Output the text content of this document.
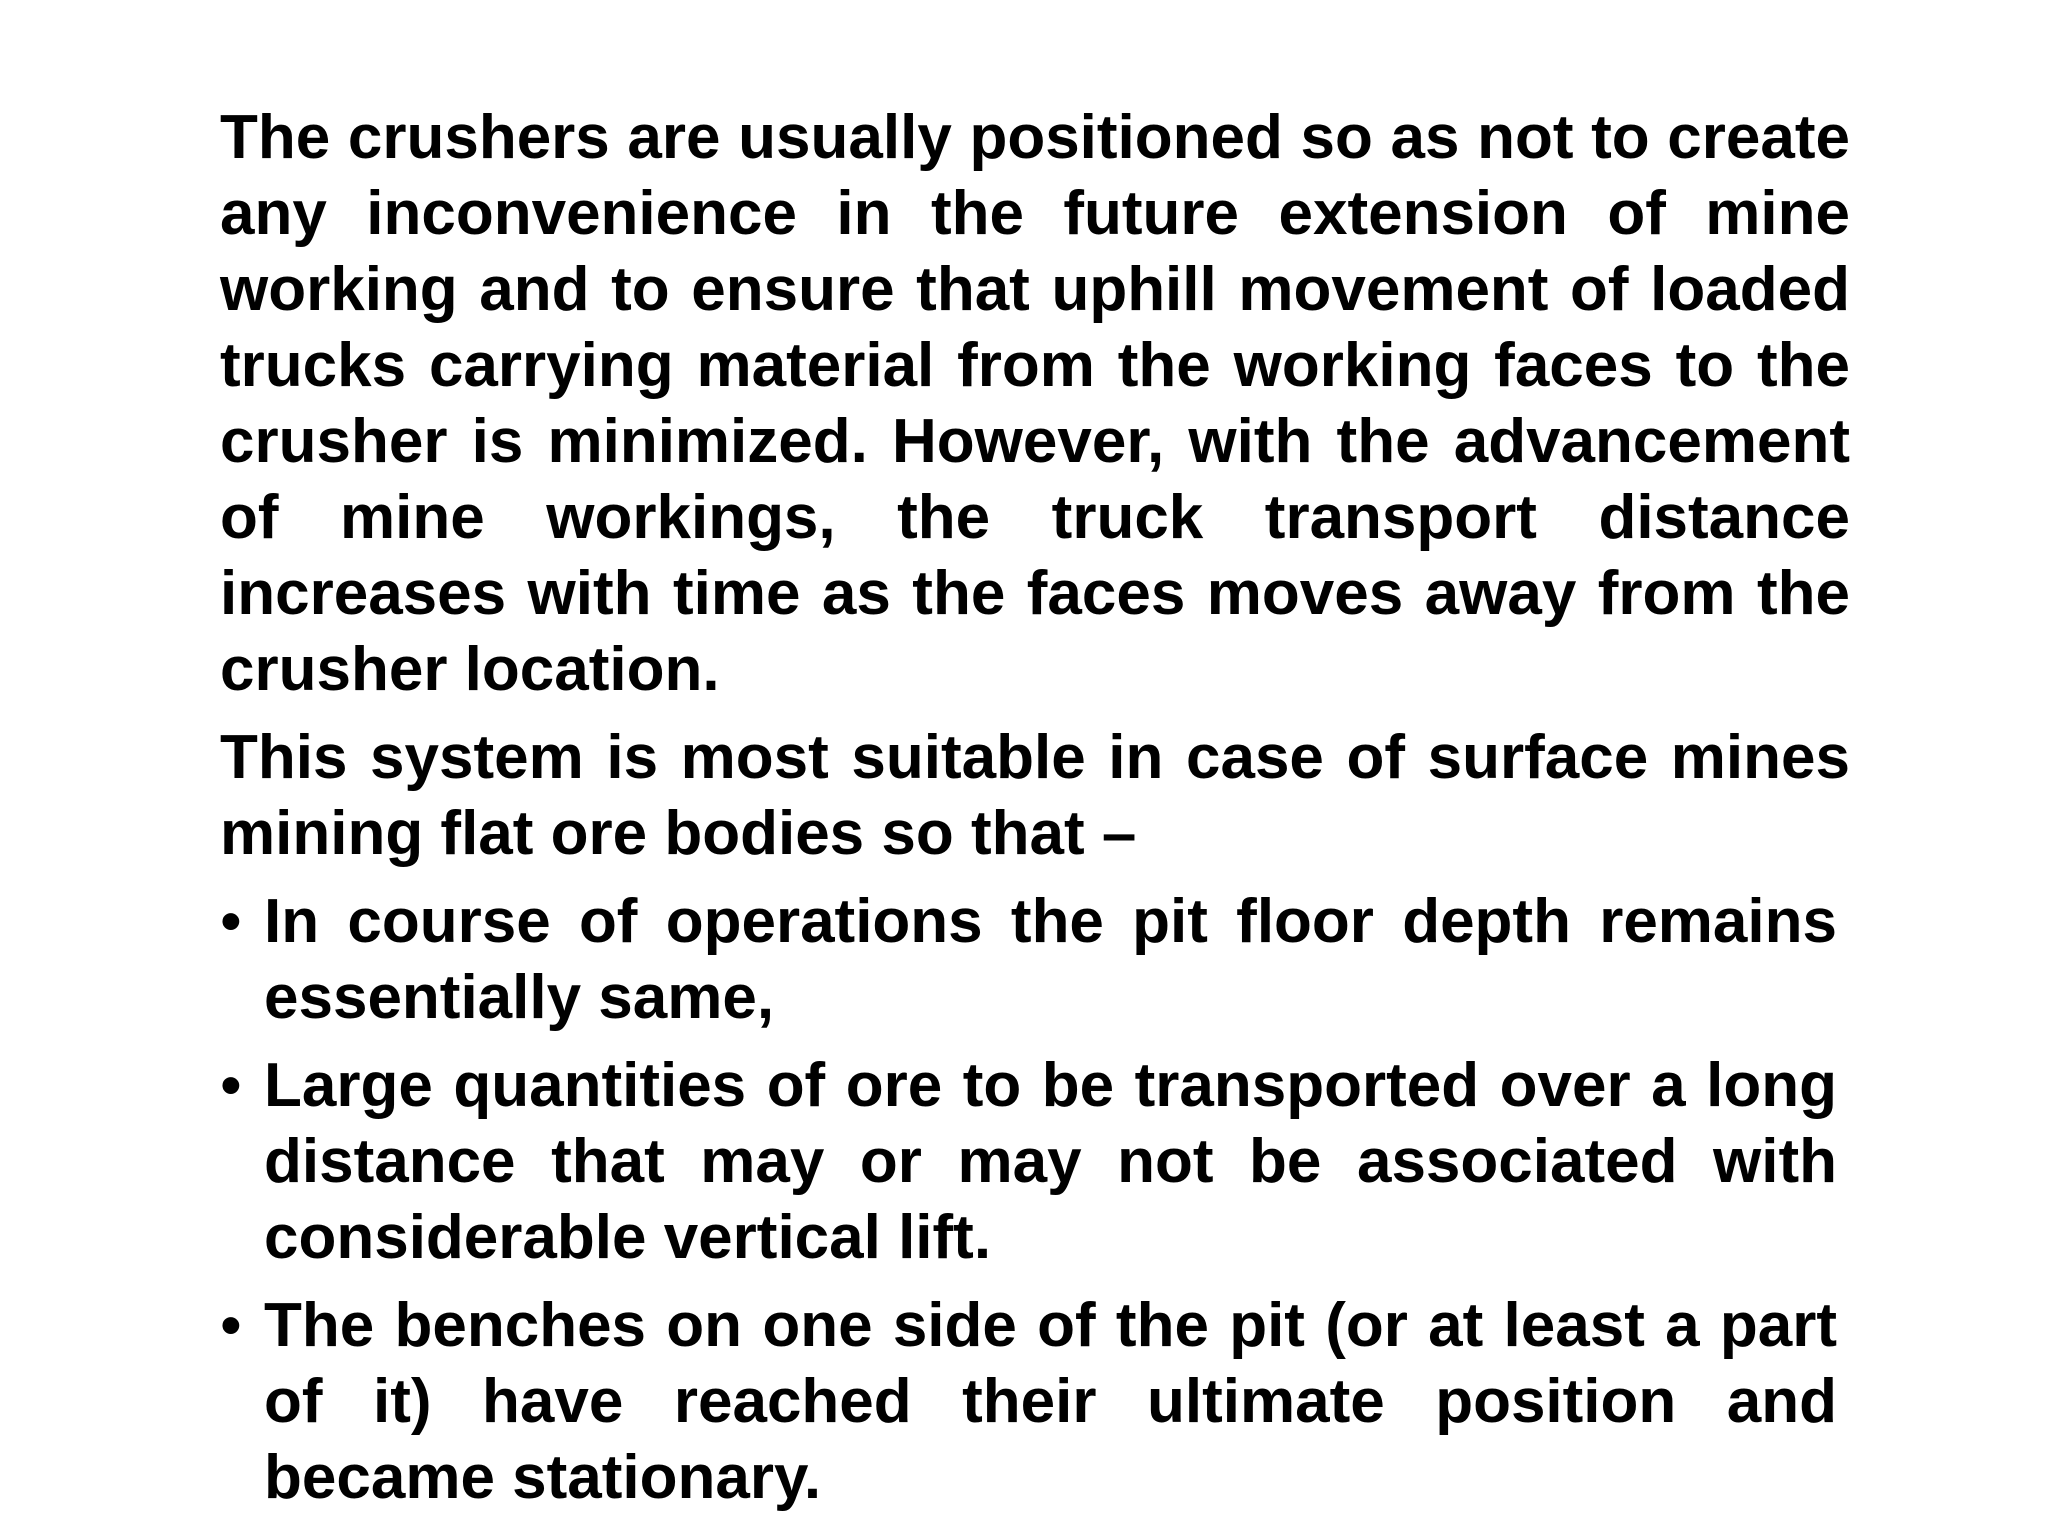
The crushers are usually positioned so as not to create any inconvenience in the future extension of mine working and to ensure that uphill movement of loaded trucks carrying material from the working faces to the crusher is minimized. However, with the advancement of mine workings, the truck transport distance increases with time as the faces moves away from the crusher location.

This system is most suitable in case of surface mines mining flat ore bodies so that –

• In course of operations the pit floor depth remains essentially same,
• Large quantities of ore to be transported over a long distance that may or may not be associated with considerable vertical lift.
• The benches on one side of the pit (or at least a part of it) have reached their ultimate position and became stationary.
